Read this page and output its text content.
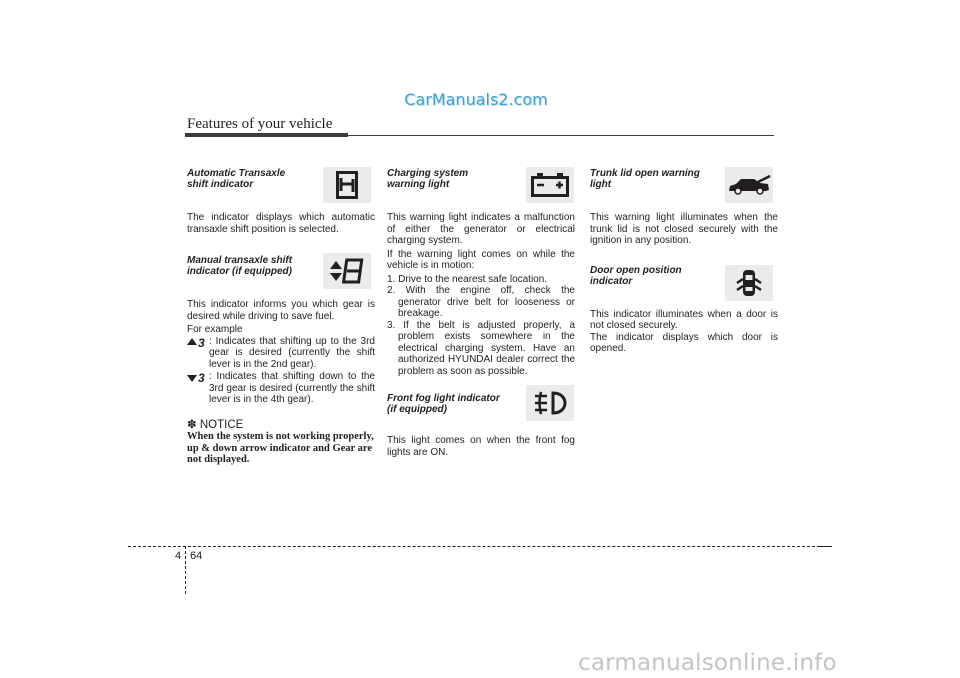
CarManuals2.com
Features of your vehicle

Automatic Transaxle shift indicator

The indicator displays which automatic transaxle shift position is selected.

Manual transaxle shift indicator (if equipped)

This indicator informs you which gear is desired while driving to save fuel.

For example

3 : Indicates that shifting up to the 3rd gear is desired (currently the shift lever is in the 2nd gear).
3 : Indicates that shifting down to the 3rd gear is desired (currently the shift lever is in the 4th gear).

✽ NOTICE

When the system is not working properly, up & down arrow indicator and Gear are not displayed.

Charging system warning light

This warning light indicates a malfunction of either the generator or electrical charging system.

If the warning light comes on while the vehicle is in motion:

1. Drive to the nearest safe location.
2. With the engine off, check the generator drive belt for looseness or breakage.
3. If the belt is adjusted properly, a problem exists somewhere in the electrical charging system. Have an authorized HYUNDAI dealer correct the problem as soon as possible.

Front fog light indicator (if equipped)

This light comes on when the front fog lights are ON.

Trunk lid open warning light

This warning light illuminates when the trunk lid is not closed securely with the ignition in any position.

Door open position indicator

This indicator illuminates when a door is not closed securely.

The indicator displays which door is opened.

4 64
carmanualsonline.info
